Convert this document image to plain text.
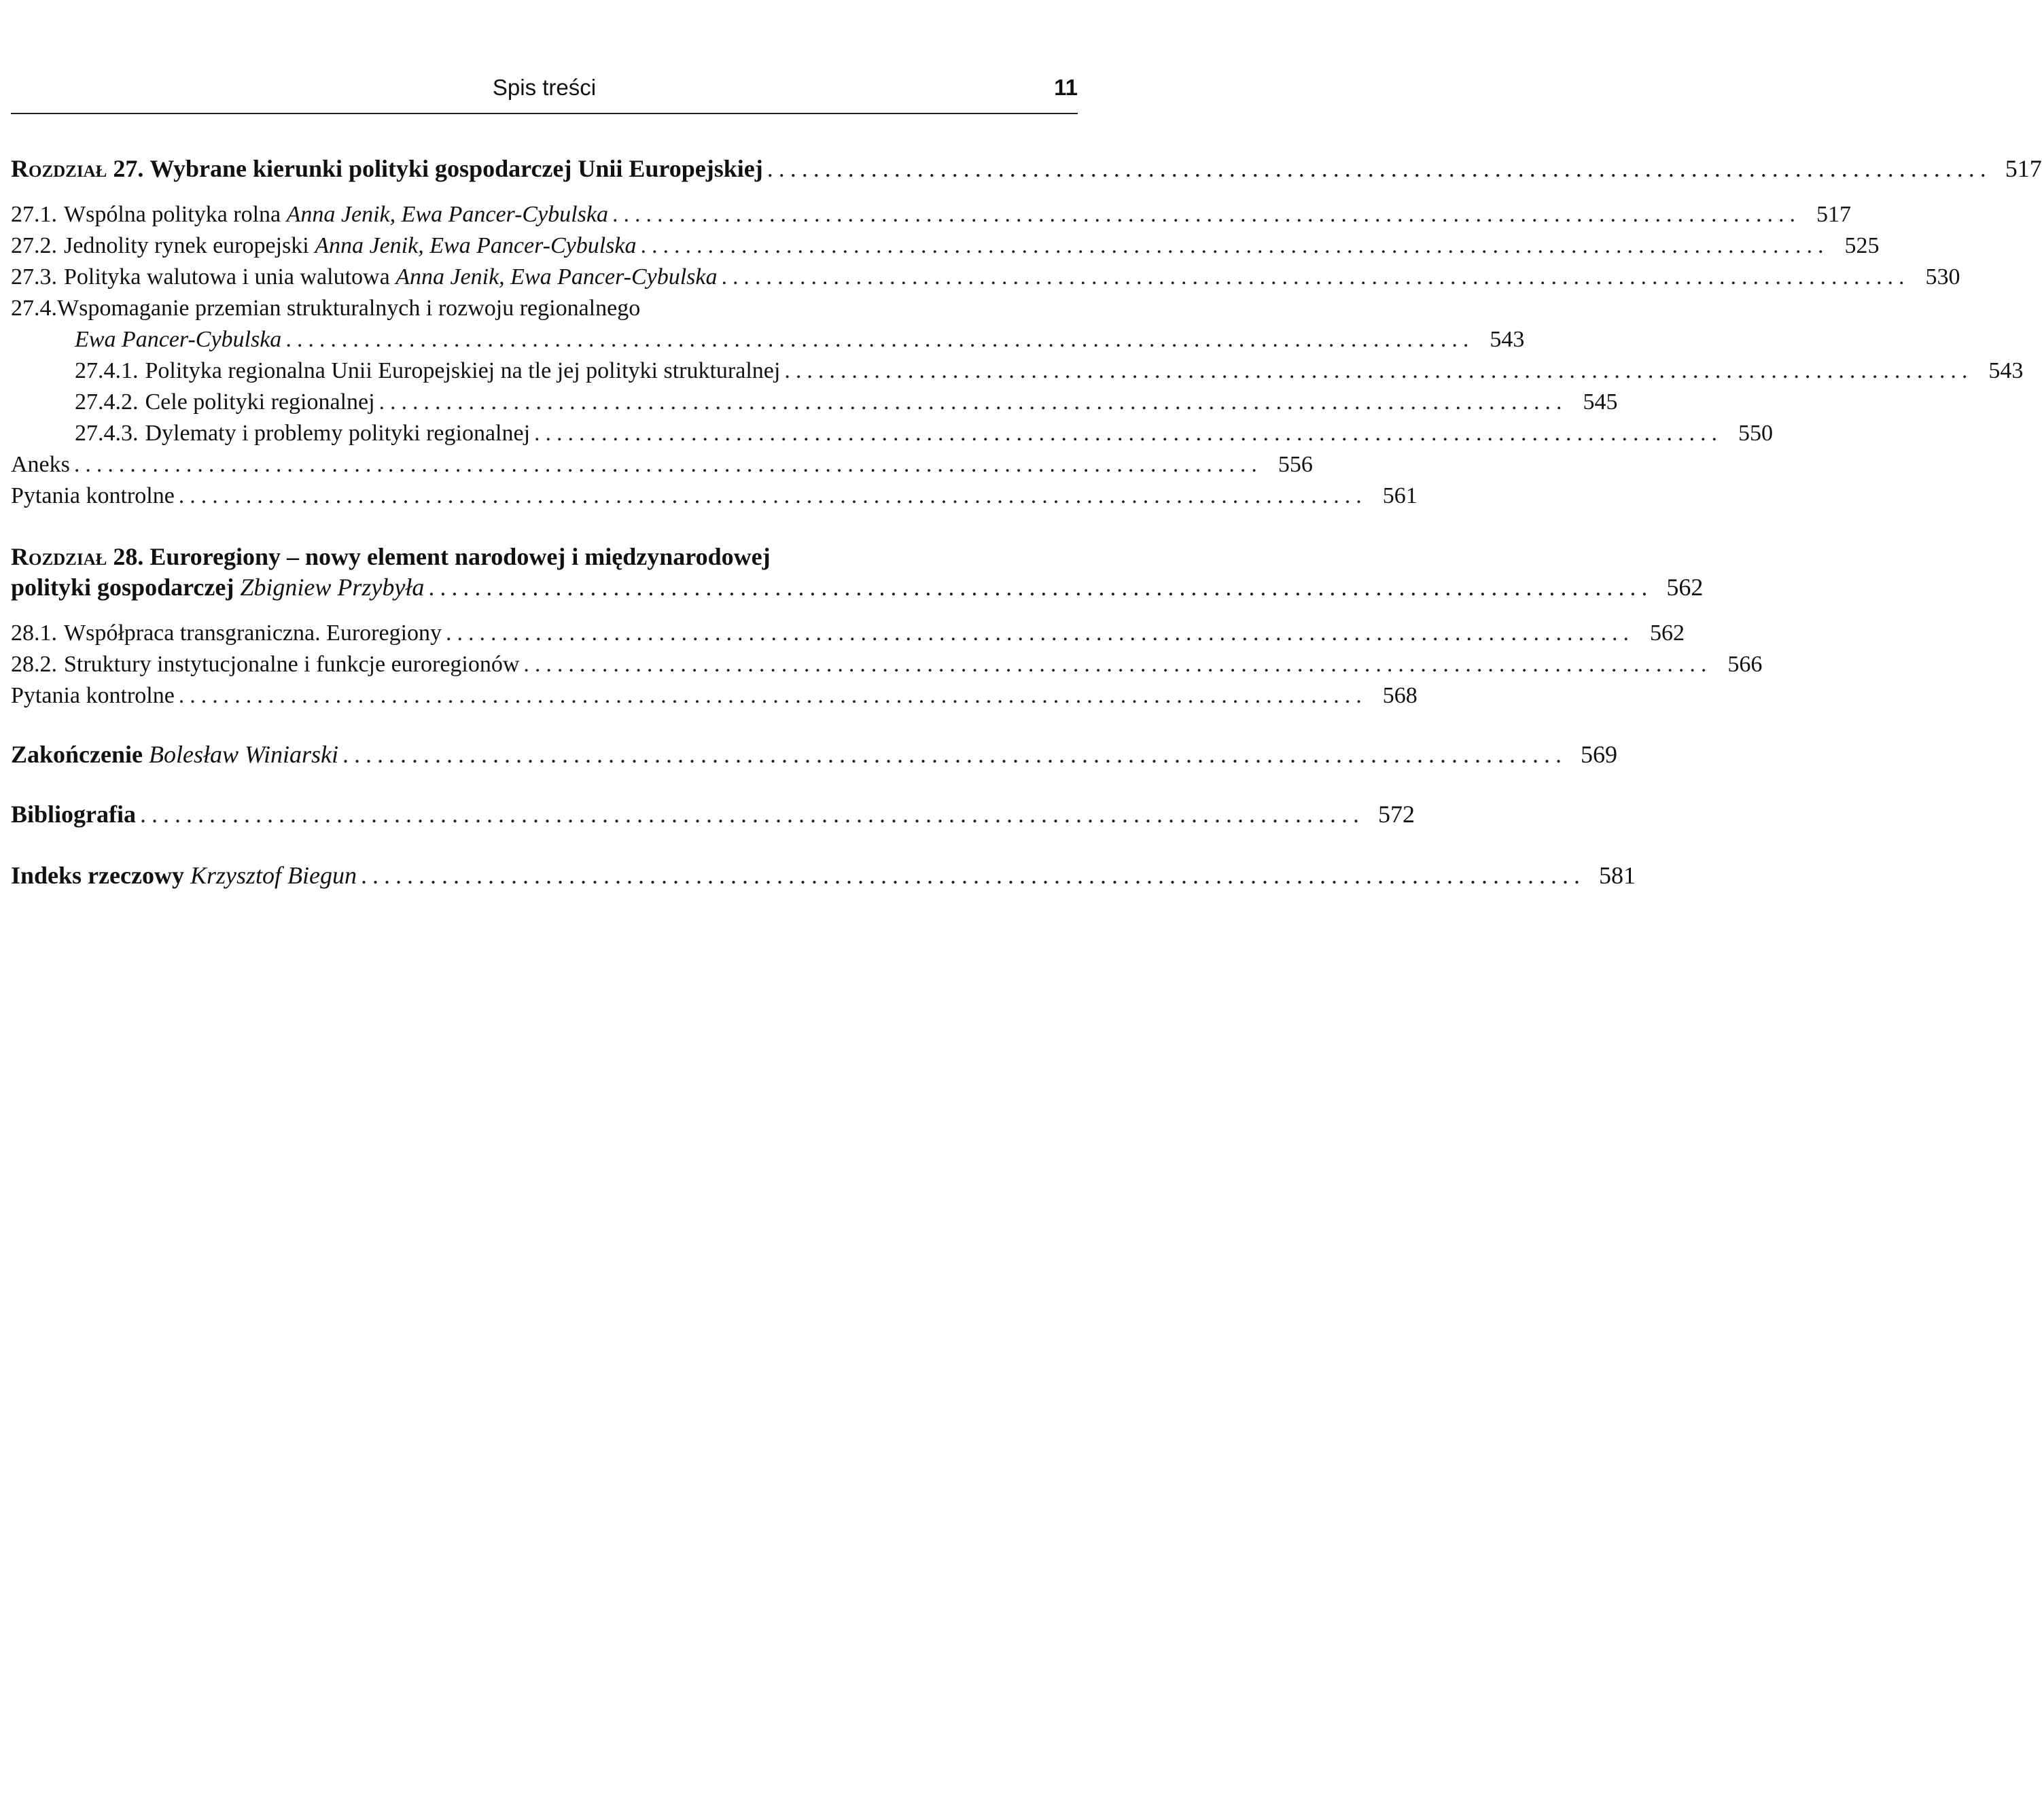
Spis treści	11
Rozdział 27. Wybrane kierunki polityki gospodarczej Unii Europejskiej .......................................................................................................... 517
27.1. Wspólna polityka rolna Anna Jenik, Ewa Pancer-Cybulska .......................................................................................................... 517
27.2. Jednolity rynek europejski Anna Jenik, Ewa Pancer-Cybulska .......................................................................................................... 525
27.3. Polityka walutowa i unia walutowa Anna Jenik, Ewa Pancer-Cybulska .......................................................................................................... 530
27.4.Wspomaganie przemian strukturalnych i rozwoju regionalnego
Ewa Pancer-Cybulska .......................................................................................................... 543
27.4.1. Polityka regionalna Unii Europejskiej na tle jej polityki strukturalnej .......................................................................................................... 543
27.4.2. Cele polityki regionalnej .......................................................................................................... 545
27.4.3. Dylematy i problemy polityki regionalnej .......................................................................................................... 550
Aneks .......................................................................................................... 556
Pytania kontrolne .......................................................................................................... 561
Rozdział 28. Euroregiony – nowy element narodowej i międzynarodowej
polityki gospodarczej Zbigniew Przybyła .......................................................................................................... 562
28.1. Współpraca transgraniczna. Euroregiony .......................................................................................................... 562
28.2. Struktury instytucjonalne i funkcje euroregionów .......................................................................................................... 566
Pytania kontrolne .......................................................................................................... 568
Zakończenie Bolesław Winiarski .......................................................................................................... 569
Bibliografia .......................................................................................................... 572
Indeks rzeczowy Krzysztof Biegun .......................................................................................................... 581
